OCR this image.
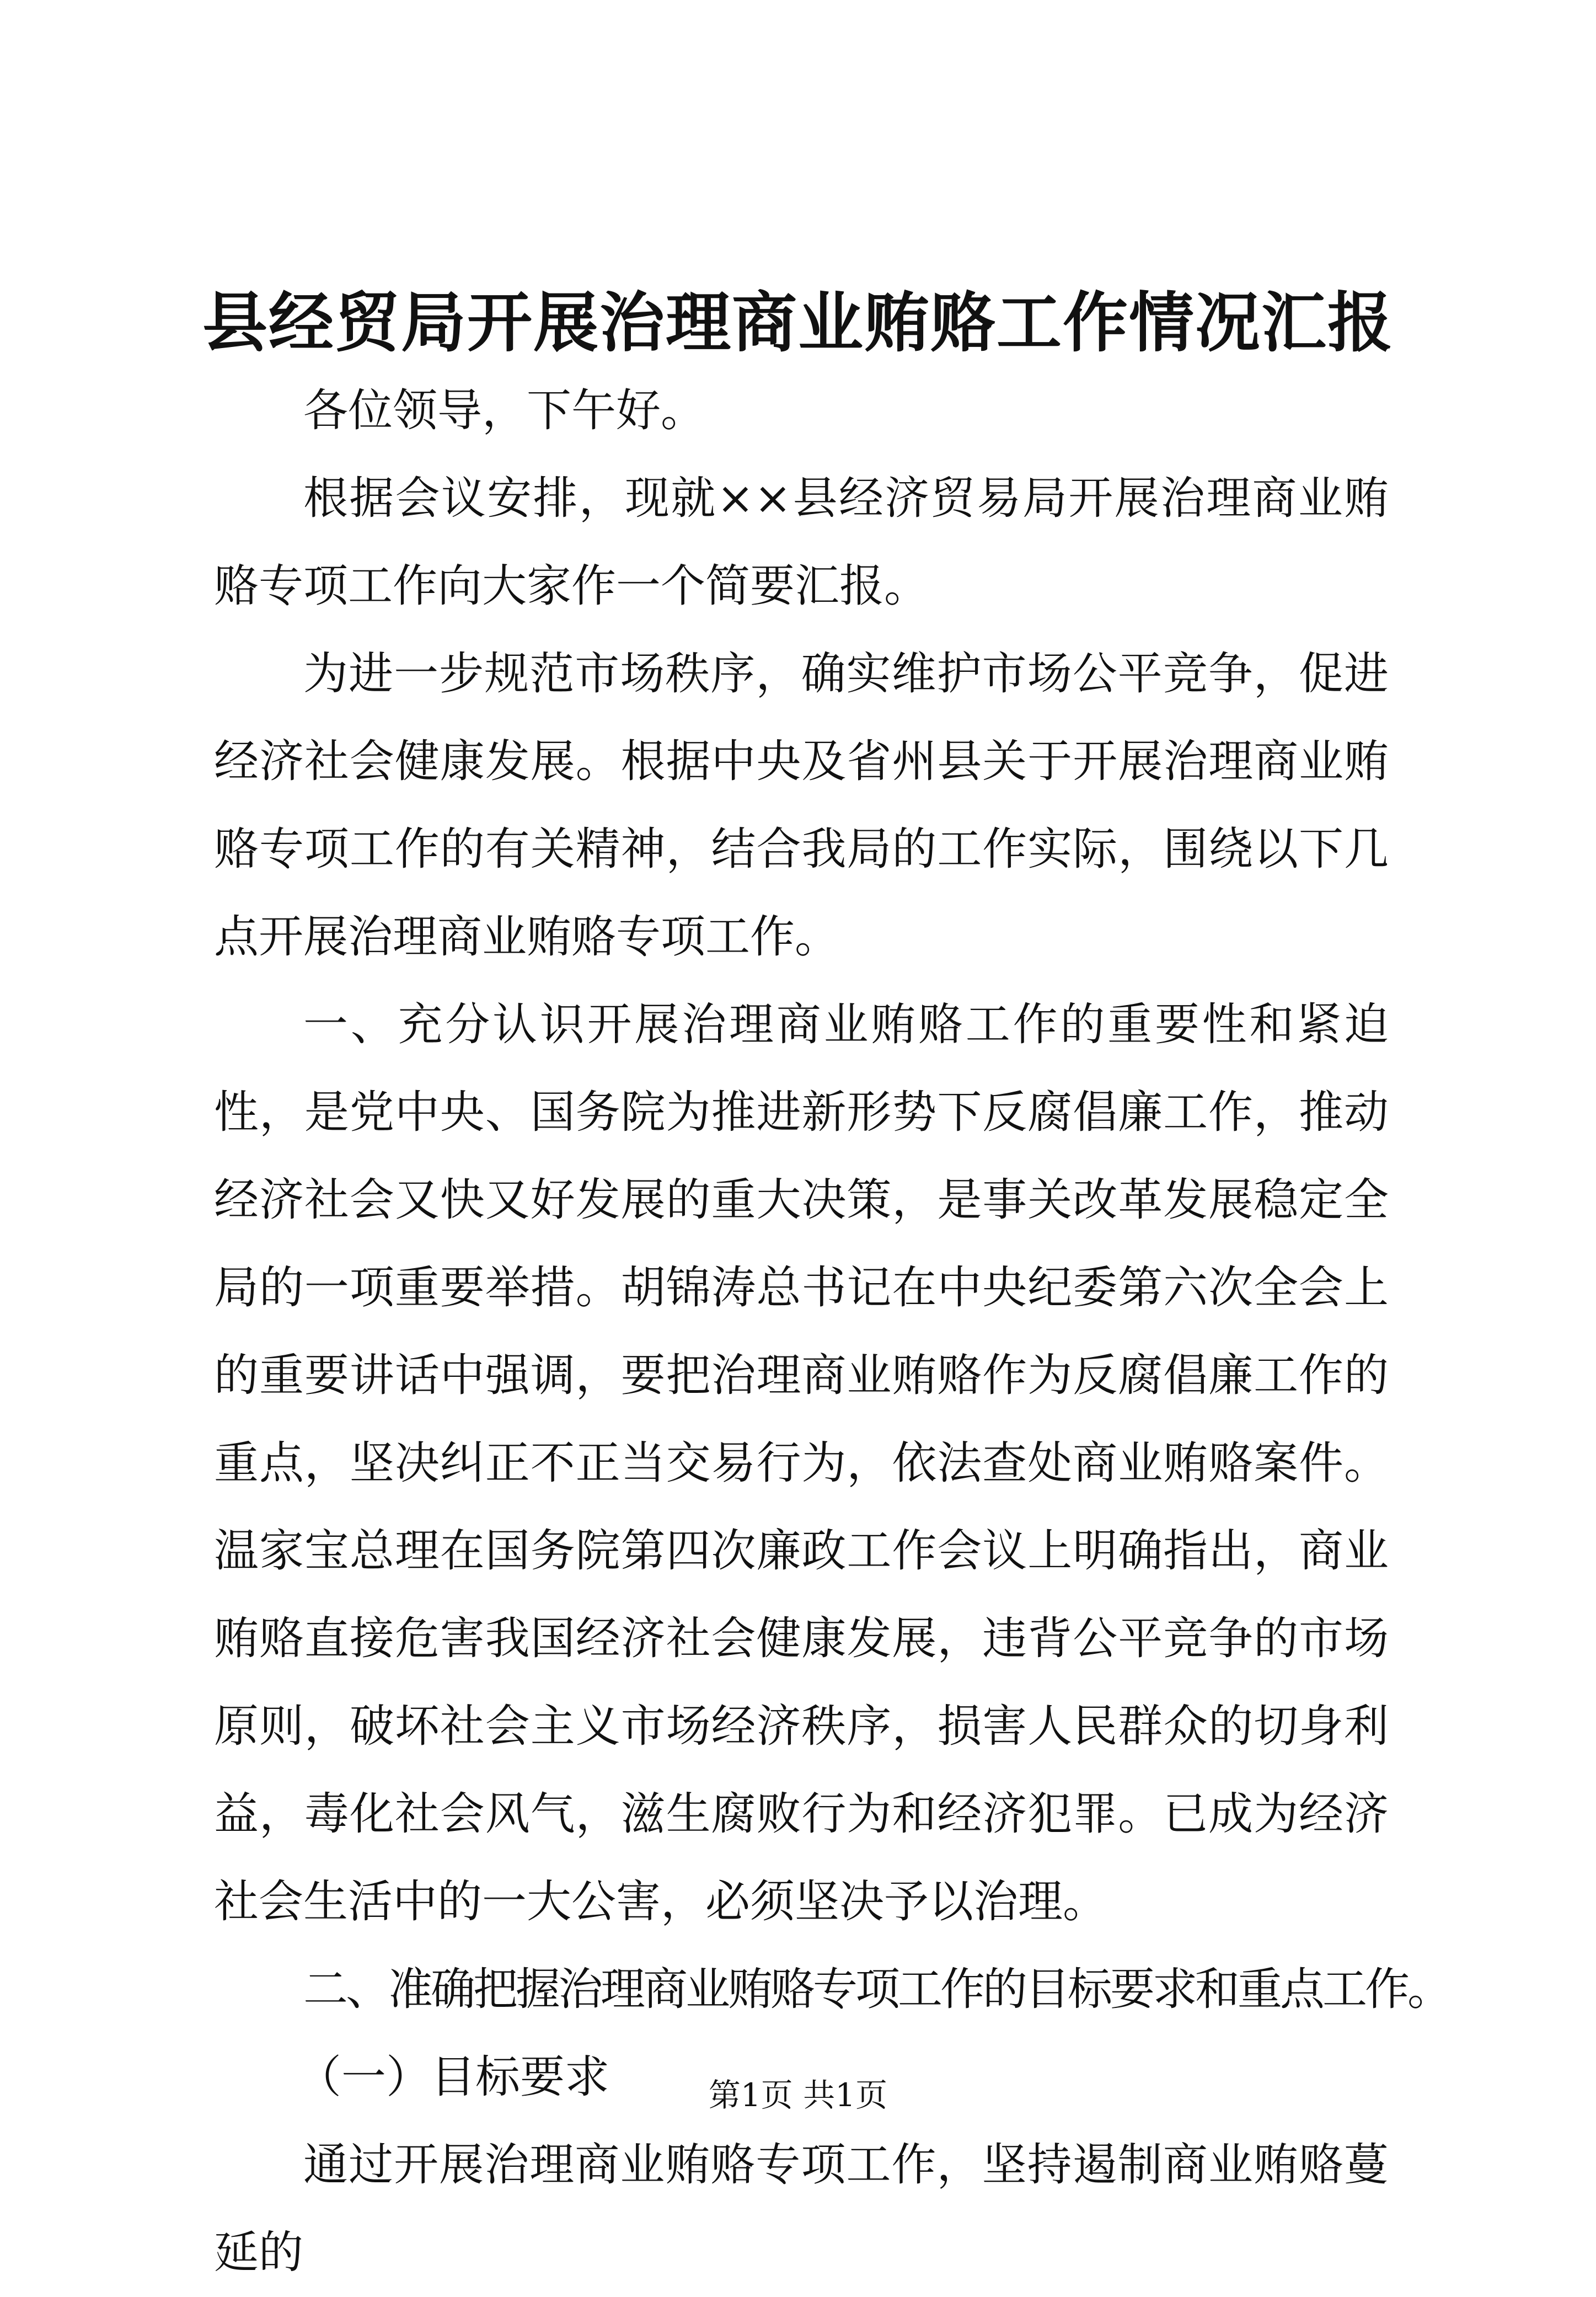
县经贸局开展治理商业贿赂工作情况汇报

各位领导，下午好。

根据会议安排，现就××县经济贸易局开展治理商业贿赂专项工作向大家作一个简要汇报。

为进一步规范市场秩序，确实维护市场公平竞争，促进经济社会健康发展。根据中央及省州县关于开展治理商业贿赂专项工作的有关精神，结合我局的工作实际，围绕以下几点开展治理商业贿赂专项工作。

一、充分认识开展治理商业贿赂工作的重要性和紧迫性，是党中央、国务院为推进新形势下反腐倡廉工作，推动经济社会又快又好发展的重大决策，是事关改革发展稳定全局的一项重要举措。胡锦涛总书记在中央纪委第六次全会上的重要讲话中强调，要把治理商业贿赂作为反腐倡廉工作的重点，坚决纠正不正当交易行为，依法查处商业贿赂案件。温家宝总理在国务院第四次廉政工作会议上明确指出，商业贿赂直接危害我国经济社会健康发展，违背公平竞争的市场原则，破坏社会主义市场经济秩序，损害人民群众的切身利益，毒化社会风气，滋生腐败行为和经济犯罪。已成为经济社会生活中的一大公害，必须坚决予以治理。

二、准确把握治理商业贿赂专项工作的目标要求和重点工作。

（一）目标要求

通过开展治理商业贿赂专项工作，坚持遏制商业贿赂蔓延的

第1页 共1页
